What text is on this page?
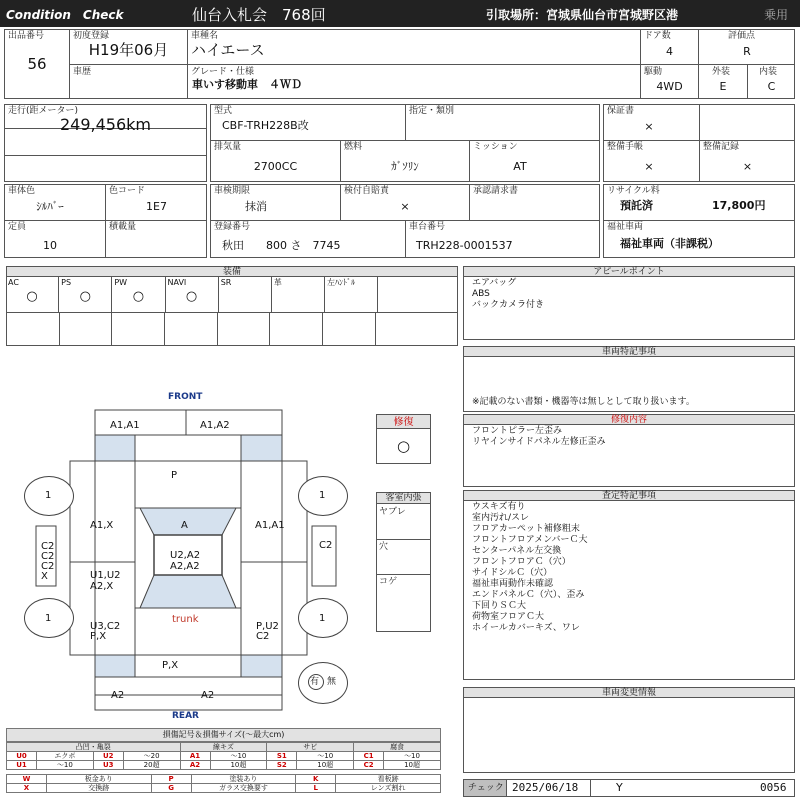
Condition　Check	仙台入札会　768回	引取場所：宮城県仙台市宮城野区港	乗用
出品番号
56
初度登録
H19年06月
車種名
ハイエース
ドア数
4
評価点
R
車歴	グレード・仕様
車いす移動車　４ＷＤ
駆動
4WD
外装
E
内装
C
走行(距メーター)
249,456km
型式
CBF-TRH228B改
指定・類別
排気量
2700CC
燃料
ｶﾞｿﾘﾝ
ミッション
AT
保証書
×
整備手帳
×
整備記録
×
車体色
ｼﾙﾊﾞｰ
色コード
1E7
定員
10
積載量
車検期限
抹消
検付自賠責
×
承認請求書
登録番号
秋田　　800 さ　7745
車台番号
TRH228-0001537
リサイクル料
預託済	17,800円
福祉車両
福祉車両（非課税）
装備
AC
○
PS
○
PW
○
NAVI
○
SR	革	左ﾊﾝﾄﾞﾙ
アピールポイント
エアバッグ
ABS
バックカメラ付き
車両特記事項
※記載のない書類・機器等は無しとして取り扱います。
修復内容
フロントピラー左歪み
リヤインサイドパネル左修正歪み
査定特記事項
ウスキズ有り
室内汚れ/スレ
フロアカーペット補修粗末
フロントフロアメンバーＣ大
センターパネル左交換
フロントフロアＣ（穴）
サイドシルＣ（穴）
福祉車両動作未確認
エンドパネルＣ（穴）、歪み
下回りＳＣ大
荷物室フロアＣ大
ホイールカバーキズ、ワレ
車両変更情報
チェック 2025/06/18	Y	0056
修復
○
客室内張
ヤブレ
穴
コゲ
FRONT
REAR
trunk
1	1
1	1
有 無
A1,A1	A1,A2
P
A1,X	A	A1,A1
U2,A2
A2,A2
U1,U2
A2,X
C2
C2
C2
X
C2
U3,C2
P,X
P,U2
C2
P,X
A2	A2
損傷記号＆損傷サイズ(〜最大cm)
凸凹・亀裂				線キズ		サビ		腐食	
U0	エクボ	U2	〜20	A1	〜10	S1	〜10	C1	〜10
U1	〜10	U3	20超	A2	10超	S2	10超	C2	10超
W	板金あり	P	塗装あり	K	看板跡
X	交換跡	G	ガラス交換要す	L	レンズ割れ
